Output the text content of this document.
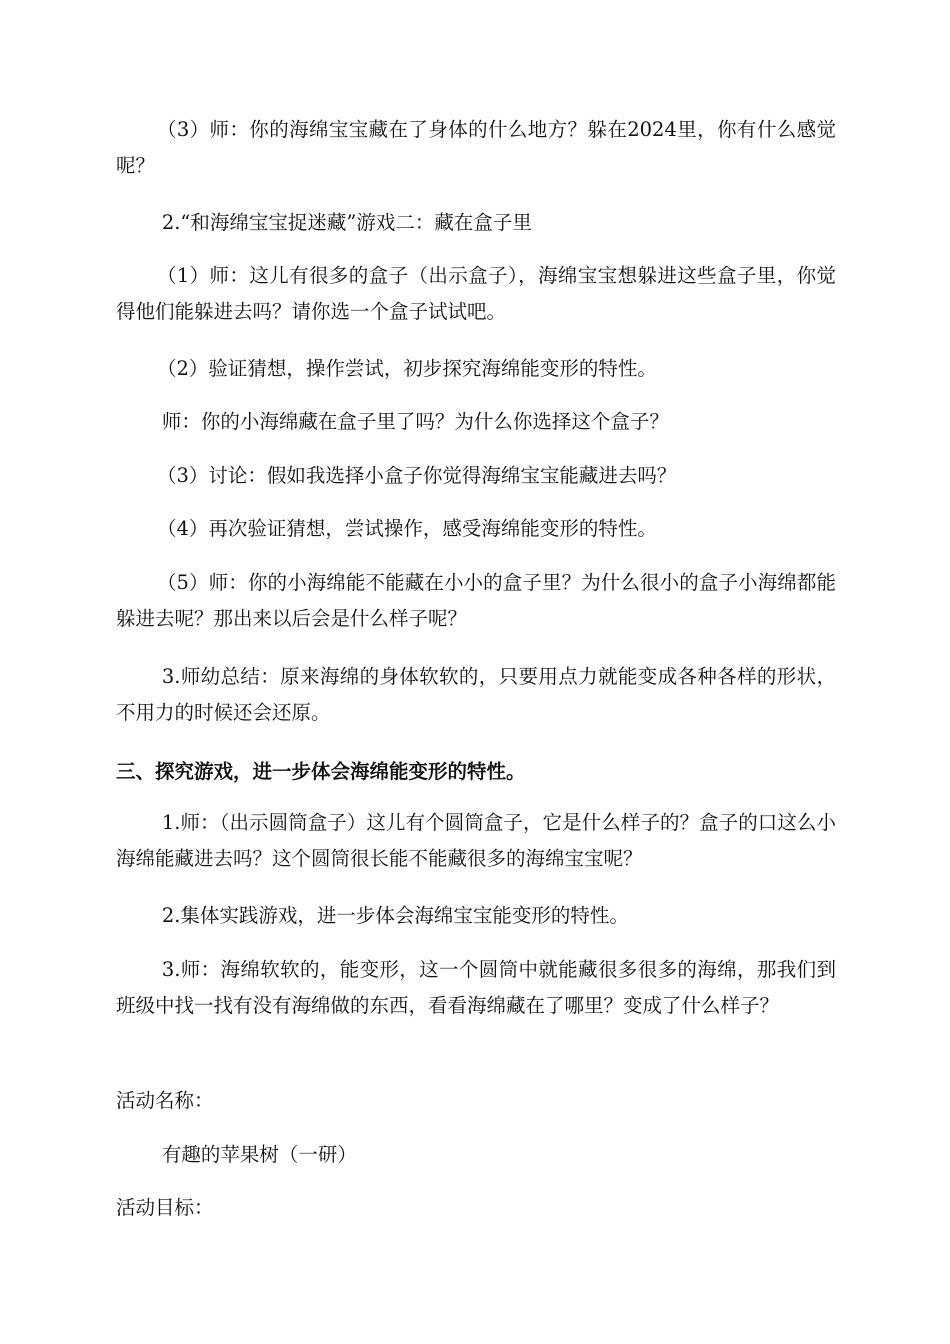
（3）师：你的海绵宝宝藏在了身体的什么地方？躲在2024里，你有什么感觉呢？

2.“和海绵宝宝捉迷藏”游戏二：藏在盒子里

（1）师：这儿有很多的盒子（出示盒子），海绵宝宝想躲进这些盒子里，你觉得他们能躲进去吗？请你选一个盒子试试吧。

（2）验证猜想，操作尝试，初步探究海绵能变形的特性。

师：你的小海绵藏在盒子里了吗？为什么你选择这个盒子？

（3）讨论：假如我选择小盒子你觉得海绵宝宝能藏进去吗？

（4）再次验证猜想，尝试操作，感受海绵能变形的特性。

（5）师：你的小海绵能不能藏在小小的盒子里？为什么很小的盒子小海绵都能躲进去呢？那出来以后会是什么样子呢？

3.师幼总结：原来海绵的身体软软的，只要用点力就能变成各种各样的形状，不用力的时候还会还原。

三、探究游戏，进一步体会海绵能变形的特性。

1.师：（出示圆筒盒子）这儿有个圆筒盒子，它是什么样子的？盒子的口这么小海绵能藏进去吗？这个圆筒很长能不能藏很多的海绵宝宝呢？

2.集体实践游戏，进一步体会海绵宝宝能变形的特性。

3.师：海绵软软的，能变形，这一个圆筒中就能藏很多很多的海绵，那我们到班级中找一找有没有海绵做的东西，看看海绵藏在了哪里？变成了什么样子？

活动名称：

有趣的苹果树（一研）

活动目标：
